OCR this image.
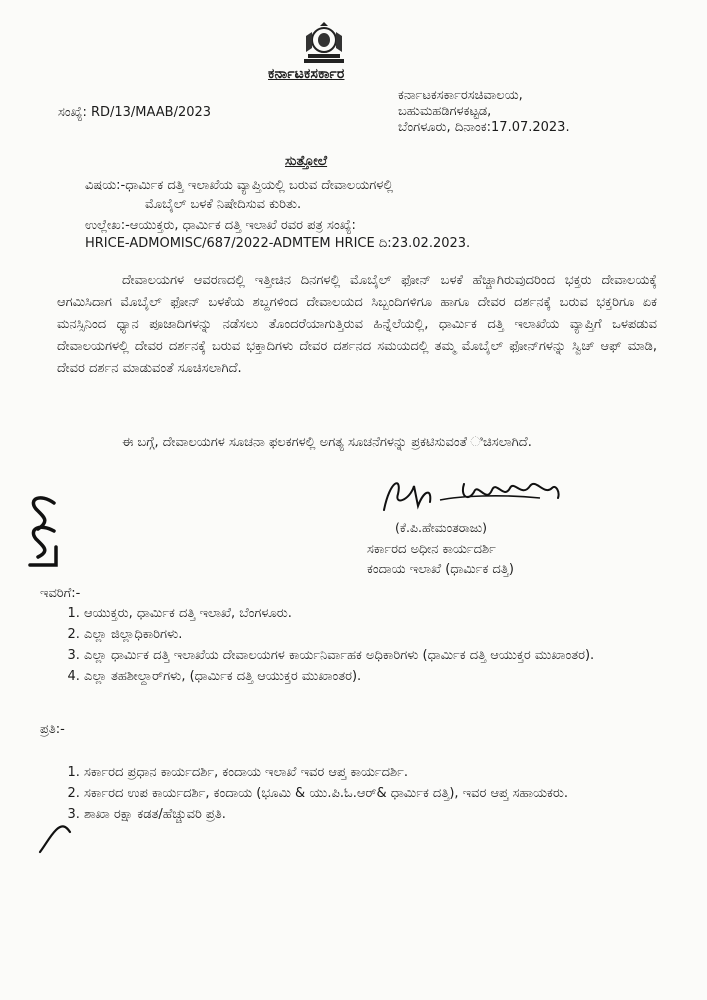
ಕರ್ನಾಟಕಸರ್ಕಾರ
ಸಂಖ್ಯೆ: RD/13/MAAB/2023
ಕರ್ನಾಟಕಸರ್ಕಾರಸಚಿವಾಲಯ,
ಬಹುಮಹಡಿಗಳಕಟ್ಟಡ,
ಬೆಂಗಳೂರು, ದಿನಾಂಕ:17.07.2023.
ಸುತ್ತೋಲೆ
ವಿಷಯ:-ಧಾರ್ಮಿಕ ದತ್ತಿ ಇಲಾಖೆಯ ವ್ಯಾಪ್ತಿಯಲ್ಲಿ ಬರುವ ದೇವಾಲಯಗಳಲ್ಲಿ
ಮೊಬೈಲ್ ಬಳಕೆ ನಿಷೇದಿಸುವ ಕುರಿತು.
ಉಲ್ಲೇಖ:-ಆಯುಕ್ತರು, ಧಾರ್ಮಿಕ ದತ್ತಿ ಇಲಾಖೆ ರವರ ಪತ್ರ ಸಂಖ್ಯೆ:
HRICE-ADMOMISC/687/2022-ADMTEM HRICE ದಿ:23.02.2023.
ದೇವಾಲಯಗಳ ಆವರಣದಲ್ಲಿ ಇತ್ತೀಚಿನ ದಿನಗಳಲ್ಲಿ ಮೊಬೈಲ್ ಫೋನ್ ಬಳಕೆ ಹೆಚ್ಚಾಗಿರುವುದರಿಂದ ಭಕ್ತರು ದೇವಾಲಯಕ್ಕೆ ಆಗಮಿಸಿದಾಗ ಮೊಬೈಲ್ ಫೋನ್ ಬಳಕೆಯ ಶಬ್ದಗಳಿಂದ ದೇವಾಲಯದ ಸಿಬ್ಬಂದಿಗಳಿಗೂ ಹಾಗೂ ದೇವರ ದರ್ಶನಕ್ಕೆ ಬರುವ ಭಕ್ತರಿಗೂ ಏಕ ಮನಸ್ಸಿನಿಂದ ಧ್ಯಾನ ಪೂಜಾದಿಗಳನ್ನು ನಡೆಸಲು ತೊಂದರೆಯಾಗುತ್ತಿರುವ ಹಿನ್ನೆಲೆಯಲ್ಲಿ, ಧಾರ್ಮಿಕ ದತ್ತಿ ಇಲಾಖೆಯ ವ್ಯಾಪ್ತಿಗೆ ಒಳಪಡುವ ದೇವಾಲಯಗಳಲ್ಲಿ ದೇವರ ದರ್ಶನಕ್ಕೆ ಬರುವ ಭಕ್ತಾದಿಗಳು ದೇವರ ದರ್ಶನದ ಸಮಯದಲ್ಲಿ ತಮ್ಮ ಮೊಬೈಲ್ ಫೋನ್‌ಗಳನ್ನು ಸ್ವಿಚ್ ಆಫ್ ಮಾಡಿ, ದೇವರ ದರ್ಶನ ಮಾಡುವಂತೆ ಸೂಚಿಸಲಾಗಿದೆ.
ಈ ಬಗ್ಗೆ, ದೇವಾಲಯಗಳ ಸೂಚನಾ ಫಲಕಗಳಲ್ಲಿ ಅಗತ್ಯ ಸೂಚನೆಗಳನ್ನು ಪ್ರಕಟಿಸುವಂತೆ ಿಚಿಸಲಾಗಿದೆ.
(ಕೆ.ಪಿ.ಹೇಮಂತರಾಜು)
ಸರ್ಕಾರದ ಅಧೀನ ಕಾರ್ಯದರ್ಶಿ
ಕಂದಾಯ ಇಲಾಖೆ (ಧಾರ್ಮಿಕ ದತ್ತಿ)
ಇವರಿಗೆ:-
1. ಆಯುಕ್ತರು, ಧಾರ್ಮಿಕ ದತ್ತಿ ಇಲಾಖೆ, ಬೆಂಗಳೂರು.
2. ಎಲ್ಲಾ ಜಿಲ್ಲಾಧಿಕಾರಿಗಳು.
3. ಎಲ್ಲಾ ಧಾರ್ಮಿಕ ದತ್ತಿ ಇಲಾಖೆಯ ದೇವಾಲಯಗಳ ಕಾರ್ಯನಿರ್ವಾಹಕ ಅಧಿಕಾರಿಗಳು (ಧಾರ್ಮಿಕ ದತ್ತಿ ಆಯುಕ್ತರ ಮುಖಾಂತರ).
4. ಎಲ್ಲಾ ತಹಶೀಲ್ದಾರ್‌ಗಳು, (ಧಾರ್ಮಿಕ ದತ್ತಿ ಆಯುಕ್ತರ ಮುಖಾಂತರ).
ಪ್ರತಿ:-
1. ಸರ್ಕಾರದ ಪ್ರಧಾನ ಕಾರ್ಯದರ್ಶಿ, ಕಂದಾಯ ಇಲಾಖೆ ಇವರ ಆಪ್ತ ಕಾರ್ಯದರ್ಶಿ.
2. ಸರ್ಕಾರದ ಉಪ ಕಾರ್ಯದರ್ಶಿ, ಕಂದಾಯ (ಭೂಮಿ & ಯು.ಪಿ.ಓ.ಆರ್& ಧಾರ್ಮಿಕ ದತ್ತಿ), ಇವರ ಆಪ್ತ ಸಹಾಯಕರು.
3. ಶಾಖಾ ರಕ್ಷಾ ಕಡತ/ಹೆಚ್ಚುವರಿ ಪ್ರತಿ.
